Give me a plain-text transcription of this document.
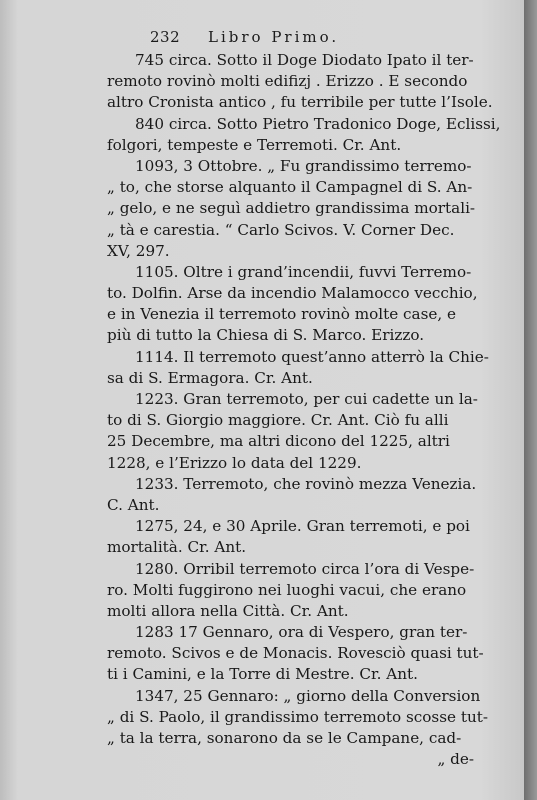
232 Libro Primo.
745 circa. Sotto il Doge Diodato Ipato il ter-
remoto rovinò molti edifizj . Erizzo . E secondo
altro Cronista antico , fu terribile per tutte l’Isole.
840 circa. Sotto Pietro Tradonico Doge, Eclissi,
folgori, tempeste e Terremoti. Cr. Ant.
1093, 3 Ottobre. „ Fu grandissimo terremo-
„ to, che storse alquanto il Campagnel di S. An-
„ gelo, e ne seguì addietro grandissima mortali-
„ tà e carestia. “ Carlo Scivos. V. Corner Dec.
XV, 297.
1105. Oltre i grand’incendii, fuvvi Terremo-
to. Dolfin. Arse da incendio Malamocco vecchio,
e in Venezia il terremoto rovinò molte case, e
più di tutto la Chiesa di S. Marco. Erizzo.
1114. Il terremoto quest’anno atterrò la Chie-
sa di S. Ermagora. Cr. Ant.
1223. Gran terremoto, per cui cadette un la-
to di S. Giorgio maggiore. Cr. Ant. Ciò fu alli
25 Decembre, ma altri dicono del 1225, altri
1228, e l’Erizzo lo data del 1229.
1233. Terremoto, che rovinò mezza Venezia.
C. Ant.
1275, 24, e 30 Aprile. Gran terremoti, e poi
mortalità. Cr. Ant.
1280. Orribil terremoto circa l’ora di Vespe-
ro. Molti fuggirono nei luoghi vacui, che erano
molti allora nella Città. Cr. Ant.
1283 17 Gennaro, ora di Vespero, gran ter-
remoto. Scivos e de Monacis. Rovesciò quasi tut-
ti i Camini, e la Torre di Mestre. Cr. Ant.
1347, 25 Gennaro: „ giorno della Conversion
„ di S. Paolo, il grandissimo terremoto scosse tut-
„ ta la terra, sonarono da se le Campane, cad-
„ de-
